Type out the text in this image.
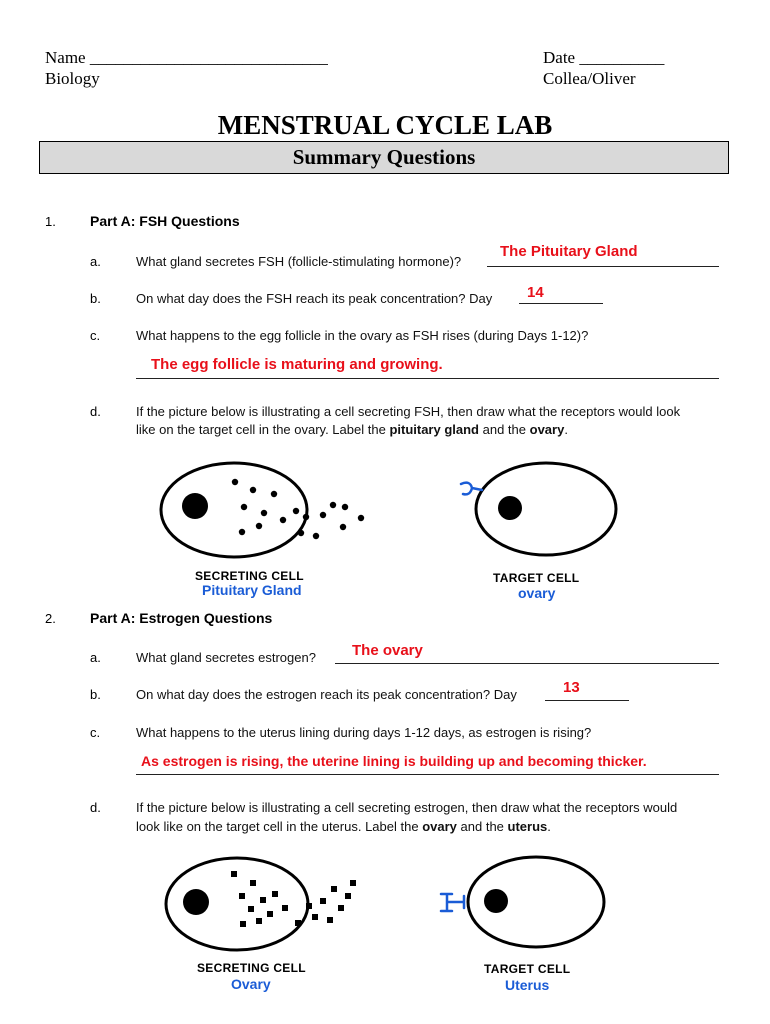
Name ____________________________
Biology
Date __________
Collea/Oliver
MENSTRUAL CYCLE LAB
Summary Questions
1. Part A: FSH Questions
a.	What gland secretes FSH (follicle-stimulating hormone)?
The Pituitary Gland
b.	On what day does the FSH reach its peak concentration? Day 14
c.	What happens to the egg follicle in the ovary as FSH rises (during Days 1-12)?
The egg follicle is maturing and growing.
d.	If the picture below is illustrating a cell secreting FSH, then draw what the receptors would look
like on the target cell in the ovary. Label the pituitary gland and the ovary.
SECRETING CELL
Pituitary Gland
TARGET CELL
ovary
2. Part A: Estrogen Questions
a.	What gland secretes estrogen? The ovary
b.	On what day does the estrogen reach its peak concentration? Day	13
c.	What happens to the uterus lining during days 1-12 days, as estrogen is rising?
As estrogen is rising, the uterine lining is building up and becoming thicker.
d.	If the picture below is illustrating a cell secreting estrogen, then draw what the receptors would
look like on the target cell in the uterus. Label the ovary and the uterus.
SECRETING CELL
Ovary
TARGET CELL
Uterus
